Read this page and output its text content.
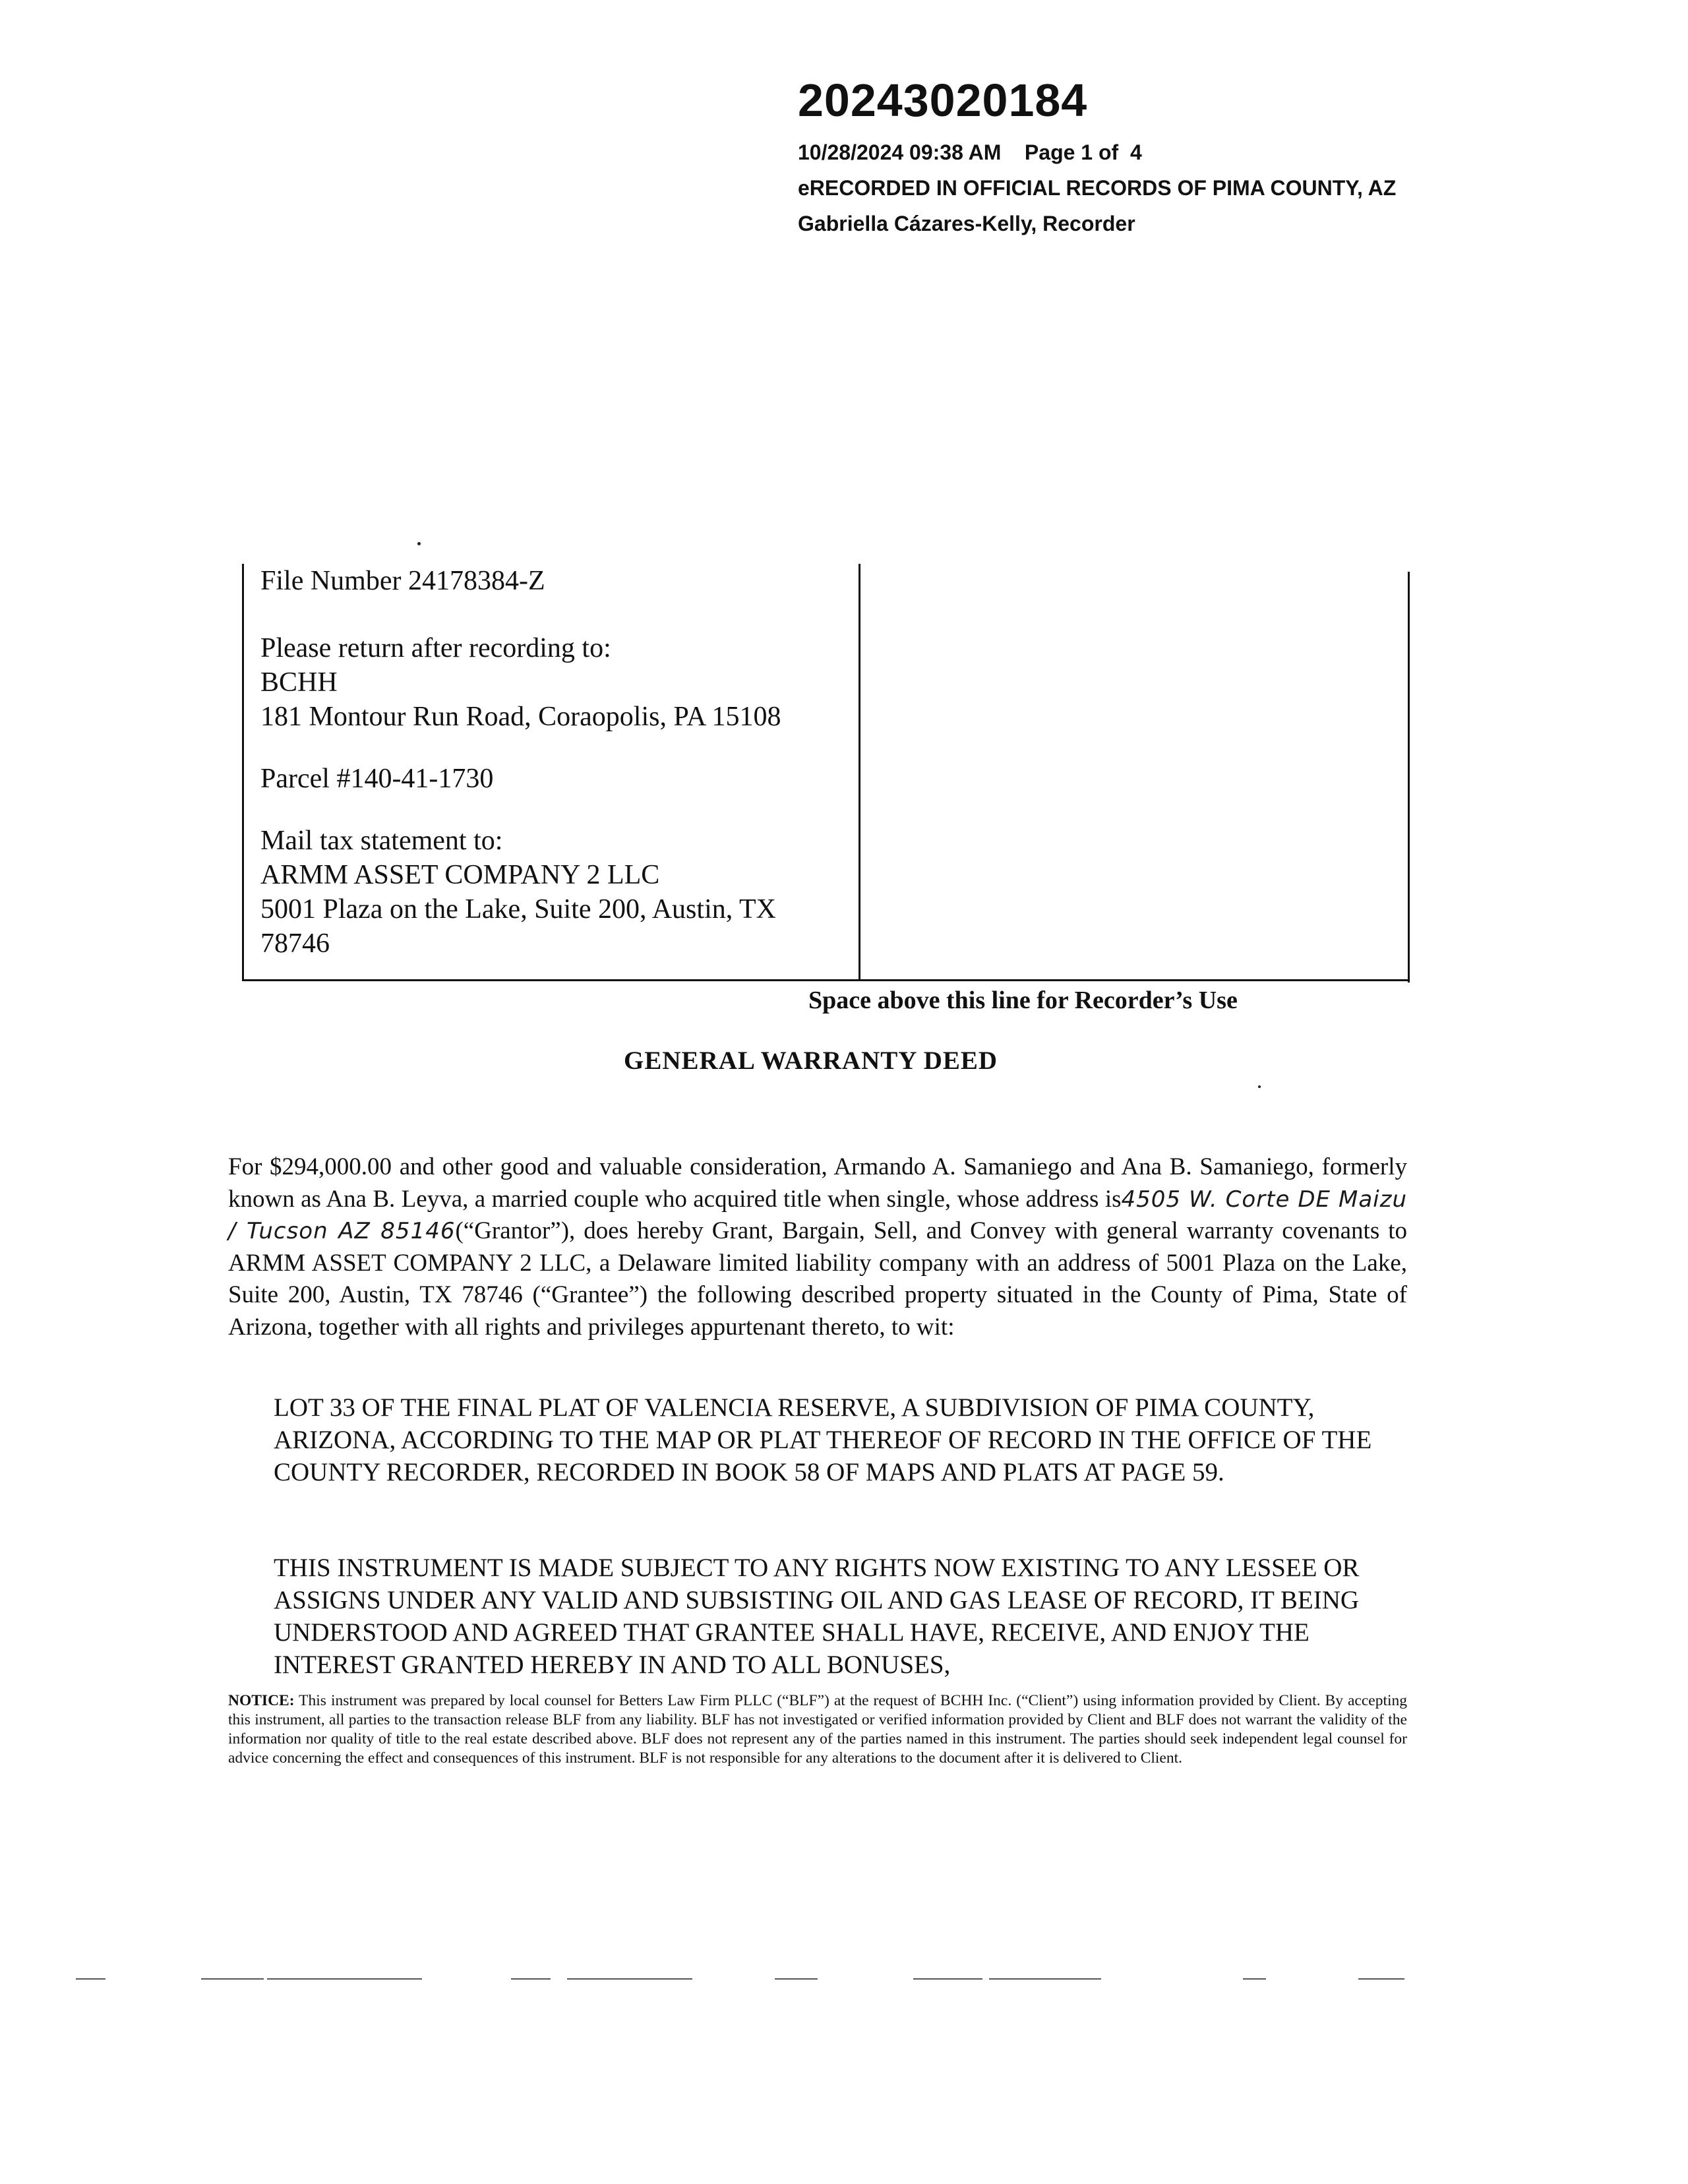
20243020184
10/28/2024 09:38 AM    Page 1 of  4
eRECORDED IN OFFICIAL RECORDS OF PIMA COUNTY, AZ
Gabriella Cázares-Kelly, Recorder

File Number 24178384-Z

Please return after recording to:

BCHH

181 Montour Run Road, Coraopolis, PA 15108

Parcel #140-41-1730

Mail tax statement to:

ARMM ASSET COMPANY 2 LLC

5001 Plaza on the Lake, Suite 200, Austin, TX

78746

Space above this line for Recorder’s Use
GENERAL WARRANTY DEED
For $294,000.00 and other good and valuable consideration, Armando A. Samaniego and Ana B. Samaniego, formerly known as Ana B. Leyva, a married couple who acquired title when single, whose address is4505 W. Corte DE Maizu / Tucson AZ 85146(“Grantor”), does hereby Grant, Bargain, Sell, and Convey with general warranty covenants to ARMM ASSET COMPANY 2 LLC, a Delaware limited liability company with an address of 5001 Plaza on the Lake, Suite 200, Austin, TX 78746 (“Grantee”) the following described property situated in the County of Pima, State of Arizona, together with all rights and privileges appurtenant thereto, to wit:
LOT 33 OF THE FINAL PLAT OF VALENCIA RESERVE, A SUBDIVISION OF PIMA COUNTY, ARIZONA, ACCORDING TO THE MAP OR PLAT THEREOF OF RECORD IN THE OFFICE OF THE COUNTY RECORDER, RECORDED IN BOOK 58 OF MAPS AND PLATS AT PAGE 59.
THIS INSTRUMENT IS MADE SUBJECT TO ANY RIGHTS NOW EXISTING TO ANY LESSEE OR ASSIGNS UNDER ANY VALID AND SUBSISTING OIL AND GAS LEASE OF RECORD, IT BEING UNDERSTOOD AND AGREED THAT GRANTEE SHALL HAVE, RECEIVE, AND ENJOY THE INTEREST GRANTED HEREBY IN AND TO ALL BONUSES,
NOTICE: This instrument was prepared by local counsel for Betters Law Firm PLLC (“BLF”) at the request of BCHH Inc. (“Client”) using information provided by Client. By accepting this instrument, all parties to the transaction release BLF from any liability. BLF has not investigated or verified information provided by Client and BLF does not warrant the validity of the information nor quality of title to the real estate described above. BLF does not represent any of the parties named in this instrument. The parties should seek independent legal counsel for advice concerning the effect and consequences of this instrument. BLF is not responsible for any alterations to the document after it is delivered to Client.
